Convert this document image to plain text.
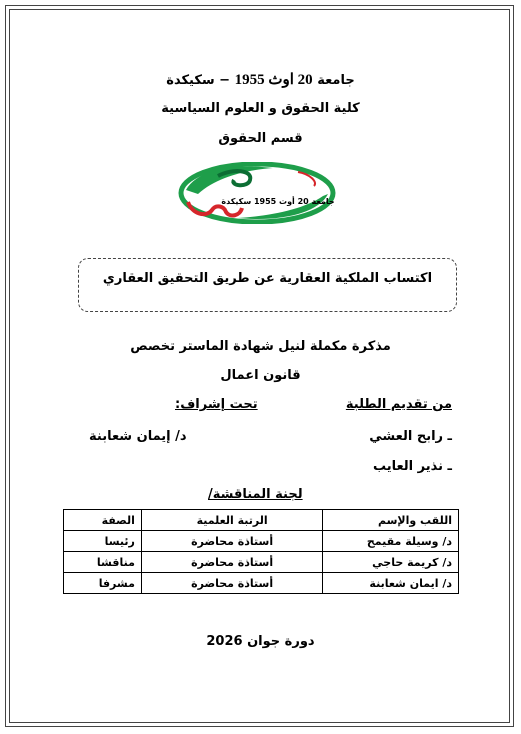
جامعة 20 اوث 1955 − سكيكدة
كلية الحقوق و العلوم السياسية
قسم الحقوق
جامعة 20 أوت 1955 سكيكدة
اكتساب الملكية العقارية عن طريق التحقيق العقاري
مذكرة مكملة لنيل شهادة الماستر تخصص
قانون اعمال
من تقديم الطلبة
تحت إشراف:
ـ رابح العشي
د/ إيمان شعابنة
ـ نذير العايب
لجنة المناقشة/
اللقب والإسم	الرتبة العلمية	الصفة
د/ وسيلة مقيمح	أستاذة محاضرة	رئيسا
د/ كريمة حاجي	أستاذة محاضرة	مناقشا
د/ ايمان شعابنة	أستاذة محاضرة	مشرفا
دورة جوان 2026
